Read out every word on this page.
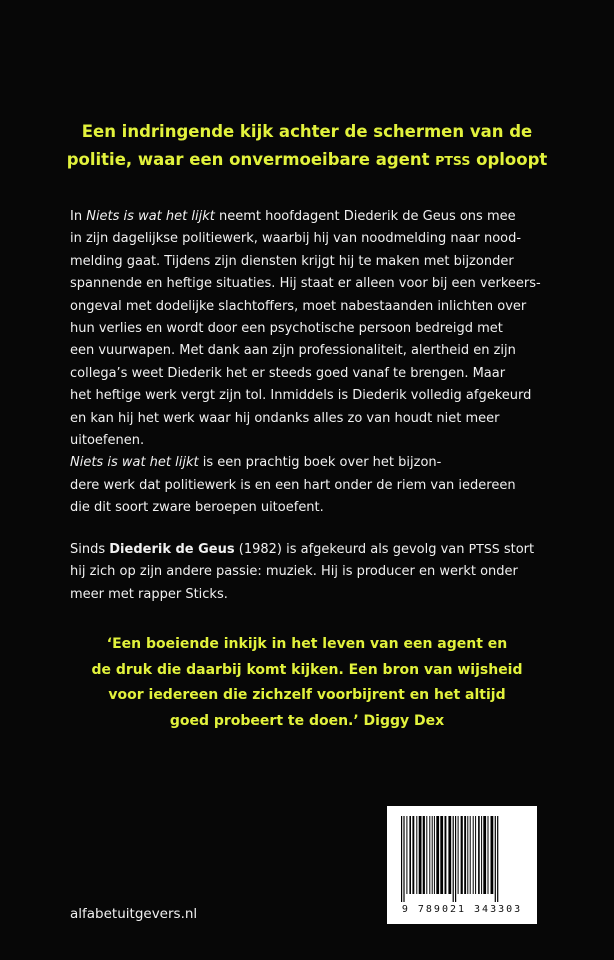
Een indringende kijk achter de schermen van de
politie, waar een onvermoeibare agent PTSS oploopt
In Niets is wat het lijkt neemt hoofdagent Diederik de Geus ons mee
in zijn dagelijkse politiewerk, waarbij hij van noodmelding naar nood-
melding gaat. Tijdens zijn diensten krijgt hij te maken met bijzonder
spannende en heftige situaties. Hij staat er alleen voor bij een verkeers-
ongeval met dodelijke slachtoffers, moet nabestaanden inlichten over
hun verlies en wordt door een psychotische persoon bedreigd met
een vuurwapen. Met dank aan zijn professionaliteit, alertheid en zijn
collega’s weet Diederik het er steeds goed vanaf te brengen. Maar
het heftige werk vergt zijn tol. Inmiddels is Diederik volledig afgekeurd
en kan hij het werk waar hij ondanks alles zo van houdt niet meer
uitoefenen.
Niets is wat het lijkt is een prachtig boek over het bijzon-
dere werk dat politiewerk is en een hart onder de riem van iedereen
die dit soort zware beroepen uitoefent.
Sinds Diederik de Geus (1982) is afgekeurd als gevolg van PTSS stort
hij zich op zijn andere passie: muziek. Hij is producer en werkt onder
meer met rapper Sticks.
‘Een boeiende inkijk in het leven van een agent en
de druk die daarbij komt kijken. Een bron van wijsheid
voor iedereen die zichzelf voorbijrent en het altijd
goed probeert te doen.’ Diggy Dex
alfabetuitgevers.nl	9 789021 343303
